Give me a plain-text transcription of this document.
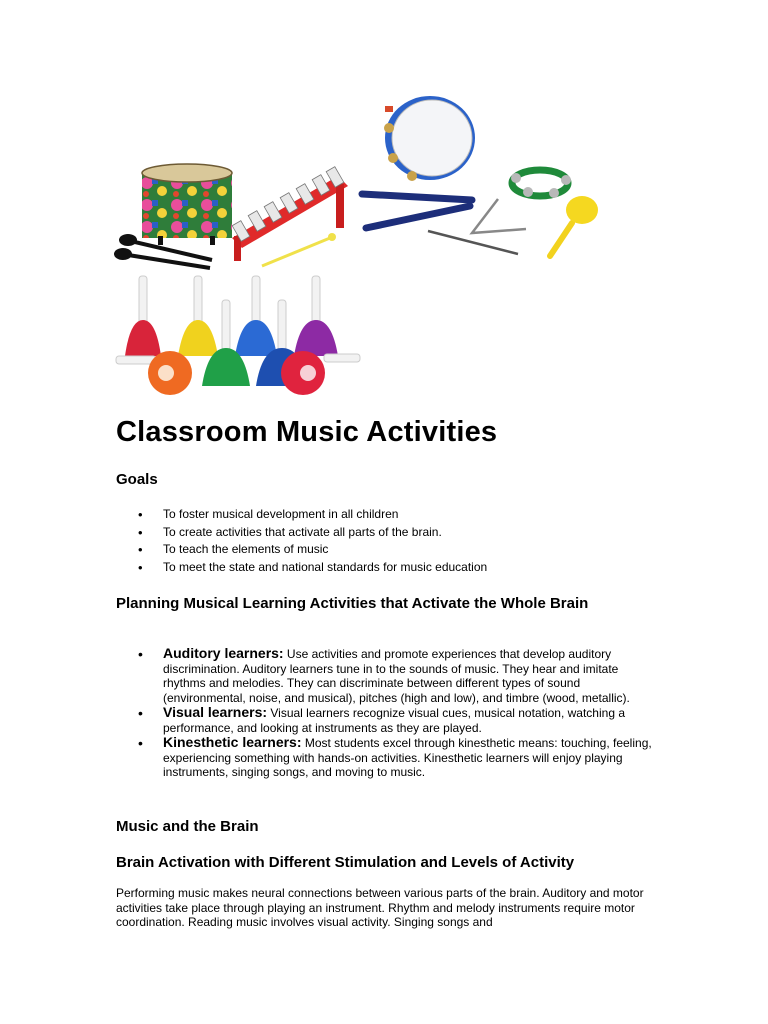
Classroom Music Activities
Goals
• To foster musical development in all children
• To create activities that activate all parts of the brain.
• To teach the elements of music
• To meet the state and national standards for music education
Planning Musical Learning Activities that Activate the Whole Brain
• Auditory learners: Use activities and promote experiences that develop auditory discrimination. Auditory learners tune in to the sounds of music. They hear and imitate rhythms and melodies. They can discriminate between different types of sound (environmental, noise, and musical), pitches (high and low), and timbre (wood, metallic).
• Visual learners: Visual learners recognize visual cues, musical notation, watching a performance, and looking at instruments as they are played.
• Kinesthetic learners: Most students excel through kinesthetic means: touching, feeling, experiencing something with hands-on activities. Kinesthetic learners will enjoy playing instruments, singing songs, and moving to music.
Music and the Brain
Brain Activation with Different Stimulation and Levels of Activity

Performing music makes neural connections between various parts of the brain. Auditory and motor activities take place through playing an instrument. Rhythm and melody instruments require motor coordination. Reading music involves visual activity. Singing songs and
